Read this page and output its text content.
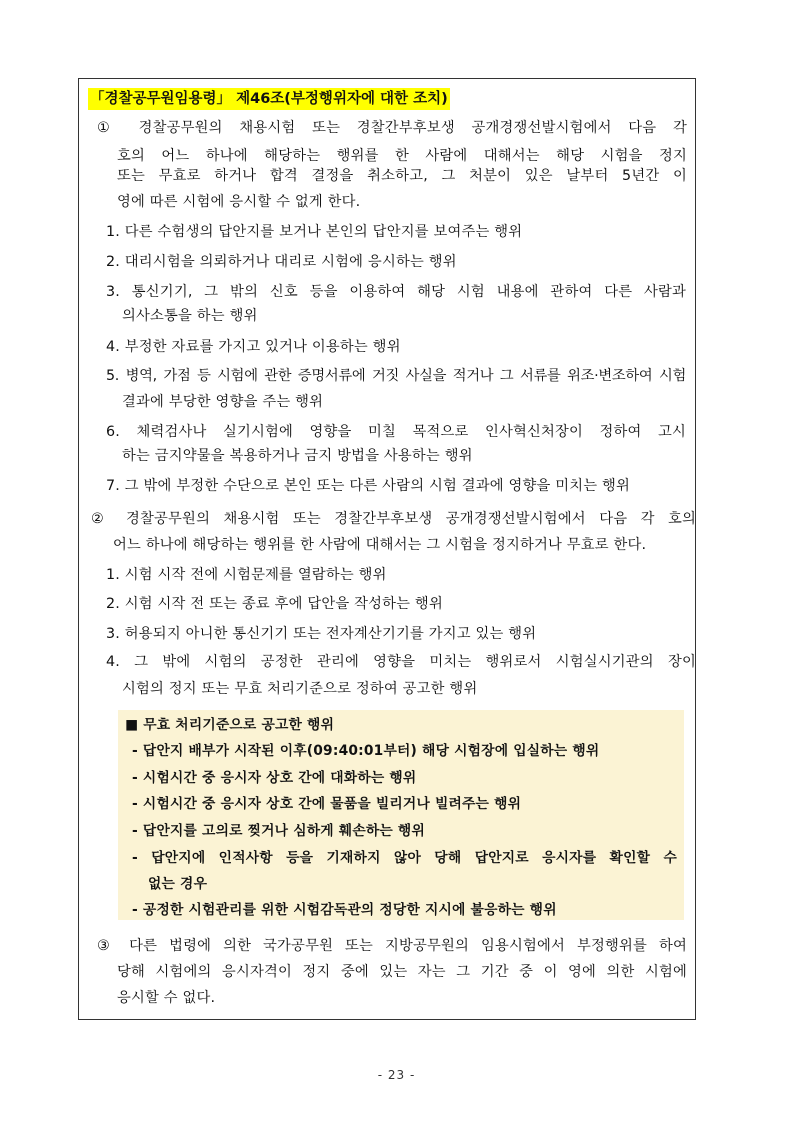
「경찰공무원임용령」 제46조(부정행위자에 대한 조치)
① 경찰공무원의 채용시험 또는 경찰간부후보생 공개경쟁선발시험에서 다음 각
호의 어느 하나에 해당하는 행위를 한 사람에 대해서는 해당 시험을 정지
또는 무효로 하거나 합격 결정을 취소하고, 그 처분이 있은 날부터 5년간 이
영에 따른 시험에 응시할 수 없게 한다.
1. 다른 수험생의 답안지를 보거나 본인의 답안지를 보여주는 행위
2. 대리시험을 의뢰하거나 대리로 시험에 응시하는 행위
3. 통신기기, 그 밖의 신호 등을 이용하여 해당 시험 내용에 관하여 다른 사람과
의사소통을 하는 행위
4. 부정한 자료를 가지고 있거나 이용하는 행위
5. 병역, 가점 등 시험에 관한 증명서류에 거짓 사실을 적거나 그 서류를 위조·변조하여 시험
결과에 부당한 영향을 주는 행위
6. 체력검사나 실기시험에 영향을 미칠 목적으로 인사혁신처장이 정하여 고시
하는 금지약물을 복용하거나 금지 방법을 사용하는 행위
7. 그 밖에 부정한 수단으로 본인 또는 다른 사람의 시험 결과에 영향을 미치는 행위
② 경찰공무원의 채용시험 또는 경찰간부후보생 공개경쟁선발시험에서 다음 각 호의
어느 하나에 해당하는 행위를 한 사람에 대해서는 그 시험을 정지하거나 무효로 한다.
1. 시험 시작 전에 시험문제를 열람하는 행위
2. 시험 시작 전 또는 종료 후에 답안을 작성하는 행위
3. 허용되지 아니한 통신기기 또는 전자계산기기를 가지고 있는 행위
4. 그 밖에 시험의 공정한 관리에 영향을 미치는 행위로서 시험실시기관의 장이
시험의 정지 또는 무효 처리기준으로 정하여 공고한 행위
■ 무효 처리기준으로 공고한 행위
- 답안지 배부가 시작된 이후(09:40:01부터) 해당 시험장에 입실하는 행위
- 시험시간 중 응시자 상호 간에 대화하는 행위
- 시험시간 중 응시자 상호 간에 물품을 빌리거나 빌려주는 행위
- 답안지를 고의로 찢거나 심하게 훼손하는 행위
- 답안지에 인적사항 등을 기재하지 않아 당해 답안지로 응시자를 확인할 수
없는 경우
- 공정한 시험관리를 위한 시험감독관의 정당한 지시에 불응하는 행위
③ 다른 법령에 의한 국가공무원 또는 지방공무원의 임용시험에서 부정행위를 하여
당해 시험에의 응시자격이 정지 중에 있는 자는 그 기간 중 이 영에 의한 시험에
응시할 수 없다.
- 23 -
